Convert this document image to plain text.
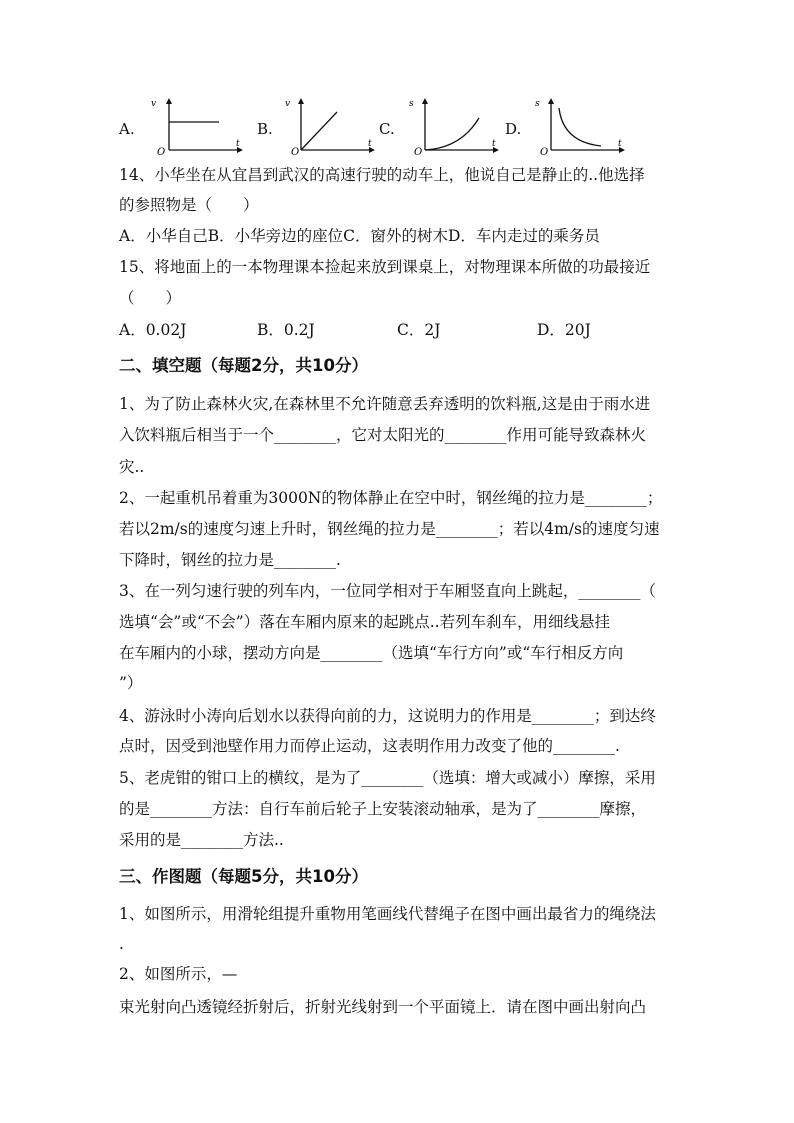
A.
v
O
t
B.
v
O
t
C.
s
O
t
D.
s
O
t
14、小华坐在从宜昌到武汉的高速行驶的动车上，他说自己是静止的..他选择
的参照物是（　　）
A．小华自己B．小华旁边的座位C．窗外的树木D．车内走过的乘务员
15、将地面上的一本物理课本捡起来放到课桌上，对物理课本所做的功最接近
（　　）
A．0.02J	B．0.2J	C．2J	D．20J
二、填空题（每题2分，共10分）
1、为了防止森林火灾,在森林里不允许随意丢弃透明的饮料瓶,这是由于雨水进
入饮料瓶后相当于一个________，它对太阳光的________作用可能导致森林火
灾..
2、一起重机吊着重为3000N的物体静止在空中时，钢丝绳的拉力是________；
若以2m/s的速度匀速上升时，钢丝绳的拉力是________；若以4m/s的速度匀速
下降时，钢丝的拉力是________.
3、在一列匀速行驶的列车内，一位同学相对于车厢竖直向上跳起，________（
选填“会”或“不会”）落在车厢内原来的起跳点..若列车刹车，用细线悬挂
在车厢内的小球，摆动方向是________（选填“车行方向”或“车行相反方向
”）
4、游泳时小涛向后划水以获得向前的力，这说明力的作用是________；到达终
点时，因受到池壁作用力而停止运动，这表明作用力改变了他的________.
5、老虎钳的钳口上的横纹，是为了________（选填：增大或减小）摩擦，采用
的是________方法：自行车前后轮子上安装滚动轴承，是为了________摩擦，
采用的是________方法..
三、作图题（每题5分，共10分）
1、如图所示，用滑轮组提升重物用笔画线代替绳子在图中画出最省力的绳绕法
.
2、如图所示，—
束光射向凸透镜经折射后，折射光线射到一个平面镜上．请在图中画出射向凸
